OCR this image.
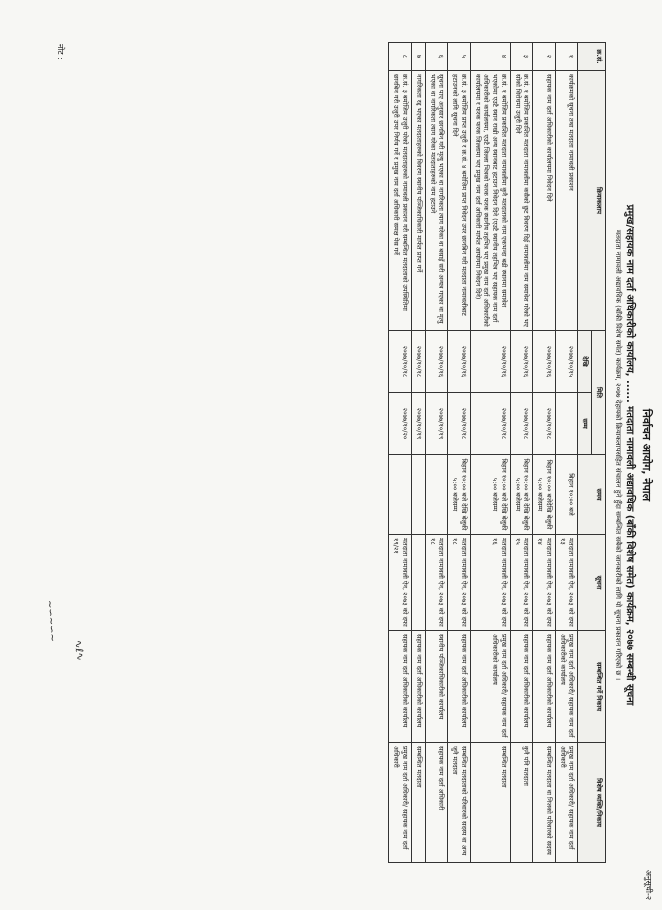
निर्वाचन आयोग, नेपाल
प्रमुख/सहायक नाम दर्ता अधिकारीको कार्यालय, ...... मतदाता नामावली अद्यावधिक (बाँकी विशेष समेत) कार्यक्रम, २०७७ सम्बन्धी सूचना
मतदाता नामावली अद्यावधिक (बाँकी विशेष समेत) कार्यक्रम, २०७७ देहायको क्रियाकलापसहित संचालन हुने हुँदा सम्बन्धित सबैको जानकारीको लागि यो सूचना प्रकाशन गरिएको छ ।
अनुसूची-२
क्र.सं.	क्रियाकलाप	मिति		समय	सूचना	सम्बन्धित गर्ने निकाय	विशेष व्यक्ति/निकाय
		देखि	सम्म				
१	कार्यक्रमको सूचना तथा मतदाता नामावली प्रकाशन	२०७७/१०/१५		बिहान १०:०० बजे	मतदाता नामावली ऐन, २०७३ को दफा १३	प्रमुख नाम दर्ता अधिकारी/ सहायक नाम दर्ता अधिकारीको कार्यालय	प्रमुख नाम दर्ता अधिकारी/ सहायक नाम दर्ता अधिकारी
२	सहायक नाम दर्ता अधिकारीको कार्यालयमा निवेदन दिने	२०७७/१०/१६	२०७७/१०/१८	बिहान १०:०० बजेदेखि बेलुकी ५:०० बजेसम्म	मतदाता नामावली ऐन, २०७३ को दफा १४	सहायक नाम दर्ता अधिकारीको कार्यालय	सम्बन्धित मतदाता वा निजको परिवारको सदस्य
३	क्र.सं. १ बमोजिम प्रकाशित मतदाता नामावलीमा कसैको छुट विवरण दिई नामावलीमा नाम समावेश गरेको भए सोको विरोधमा उजुरी दिने	२०७७/१०/१६	२०७७/१०/१८	बिहान १०:०० बजे देखि बेलुकी ५:०० बजेसम्म	मतदाता नामावली ऐन, २०७३ को दफा १५	सहायक नाम दर्ता अधिकारीको कार्यालय	कुनै पनि मतदाता
४	क्र.सं. १ बमोजिम प्रकाशित मतदाता नामावलीमा कुनै मतदाताको नाम एकभन्दा बढी स्थानमा समावेश भएकोमा एउटै स्थान राखी अन्य स्थानबाट हटाउन निवेदन दिने (एउटै स्थानीय तहभित्र भए सहायक नाम दर्ता अधिकारीको कार्यालयमा, एउटै जिल्ला भित्रको फरक फरक स्थानीय तहभित्र भए प्रमुख नाम दर्ता अधिकारीको कार्यालयमा र फरक फरक जिल्लामा भए प्रमुख नाम दर्ता अधिकारी मार्फत आयोगमा निवेदन दिने)	२०७७/१०/१६	२०७७/१०/१८	बिहान १०:०० बजे देखि बेलुकी ५:०० बजेसम्म	मतदाता नामावली ऐन, २०७३ को दफा १६	प्रमुख नाम दर्ता अधिकारी/ सहायक नाम दर्ता अधिकारीको कार्यालय	सम्बन्धित मतदाता
५	क्र.सं. ३ बमोजिम प्राप्त उजुरी र क्र.सं. ४ बमोजिम प्राप्त निवेदन उपर छानबिन गरी मतदाता नामावलीबाट हटाउनको लागि सूचना दिने	२०७७/१०/१६	२०७७/१०/१८	बिहान १०:०० बजे देखि बेलुकी ५:०० बजेसम्म	मतदाता नामावली ऐन, २०७३ को दफा १८	सहायक नाम दर्ता अधिकारीको कार्यालय	सम्बन्धित मतदाताको परिवारको सदस्य वा अन्य जुनै मतदाता
६	सूचना पाए अनुसार छानबिन गरी मृत्यु भएका वा नागरिकता त्याग गरेका वा बसाइँ सरी अन्यत्र गएका वा मृत्यु भएका वा नागरिकता त्याग गरेका मतदाताहरुको नाम हटाउने	२०७७/१०/१६	२०७७/१०/१९		मतदाता नामावली ऐन, २०७३ को दफा १८	स्थानीय पञ्जिकाधिकारीको कार्यालय	सहायक नाम दर्ता अधिकारी
७	नागरिकता रद्द भएका मतदाताहरुको विवरण स्थानीय पञ्जिकाधिकारी मार्फत प्राप्त गर्ने	२०७७/१०/१८	२०७७/१०/१९			सहायक नाम दर्ता अधिकारीको कार्यालय	सम्बन्धित मतदाता
८	क्र.सं. ३ बमोजिम उजुरी परेको मतदाताहरुको नामावली प्रकाशन गरी सम्बन्धित मतदाताको उपस्थितिमा छानबिन गरी उजुरी उपर निर्णय गर्ने र प्रमुख नाम दर्ता अधिकारी समक्ष पेस गर्ने	२०७७/१०/१८	२०७७/१०/२०		मतदाता नामावली ऐन, २०७३ को दफा १९/२१	सहायक नाम दर्ता अधिकारीको कार्यालय	प्रमुख नाम दर्ता अधिकारी/ सहायक नाम दर्ता अधिकारी
नोट :
∿ℓ∿
~∽~∽~
